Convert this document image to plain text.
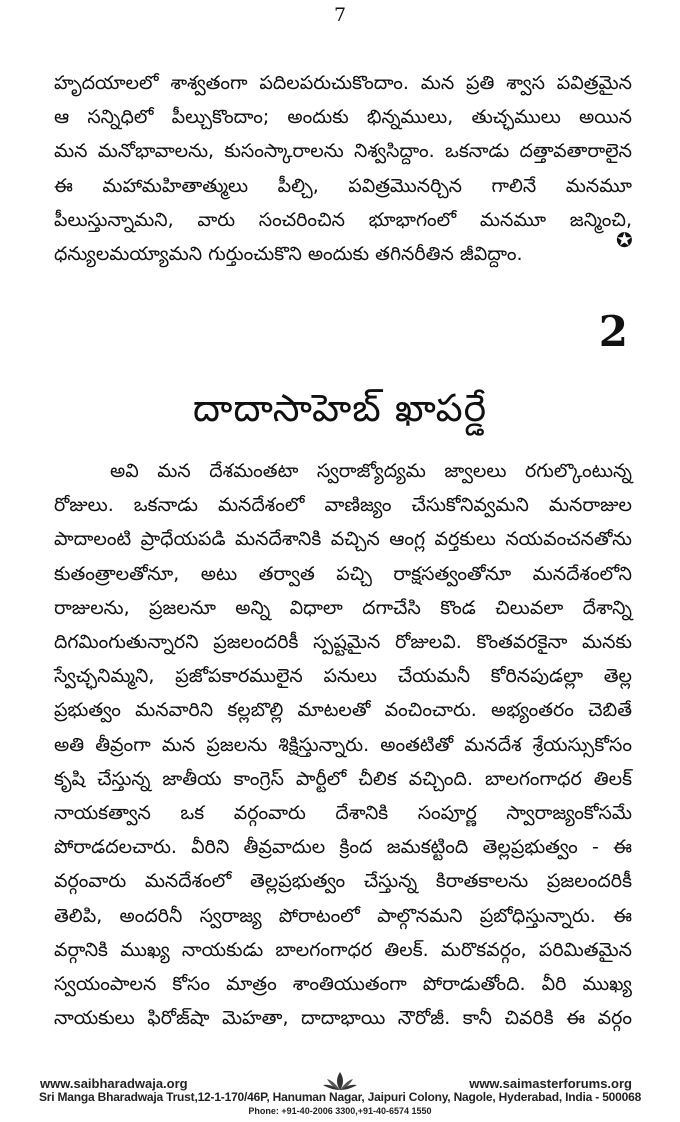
7
హృదయాలలో శాశ్వతంగా పదిలపరుచుకొందాం. మన ప్రతి శ్వాస పవిత్రమైన
ఆ సన్నిధిలో పీల్చుకొందాం; అందుకు భిన్నములు, తుచ్ఛములు అయిన
మన మనోభావాలను, కుసంస్కారాలను నిశ్వసిద్దాం. ఒకనాడు దత్తావతారాలైన
ఈ మహామహితాత్ములు పీల్చి, పవిత్రమొనర్చిన గాలినే మనమూ
పీలుస్తున్నామని, వారు సంచరించిన భూభాగంలో మనమూ జన్మించి,
ధన్యులమయ్యామని గుర్తుంచుకొని అందుకు తగినరీతిన జీవిద్దాం.
✪
2
దాదాసాహెబ్ ఖాపర్డే
అవి మన దేశమంతటా స్వరాజ్యోద్యమ జ్వాలలు రగుల్కొంటున్న
రోజులు. ఒకనాడు మనదేశంలో వాణిజ్యం చేసుకోనివ్వమని మనరాజుల
పాదాలంటి ప్రాధేయపడి మనదేశానికి వచ్చిన ఆంగ్ల వర్తకులు నయవంచనతోను
కుతంత్రాలతోనూ, అటు తర్వాత పచ్చి రాక్షసత్వంతోనూ మనదేశంలోని
రాజులను, ప్రజలనూ అన్ని విధాలా దగాచేసి కొండ చిలువలా దేశాన్ని
దిగమింగుతున్నారని ప్రజలందరికీ స్పష్టమైన రోజులవి. కొంతవరకైనా మనకు
స్వేచ్ఛనిమ్మని, ప్రజోపకారములైన పనులు చేయమనీ కోరినపుడల్లా తెల్ల
ప్రభుత్వం మనవారిని కల్లబొల్లి మాటలతో వంచించారు. అభ్యంతరం చెబితే
అతి తీవ్రంగా మన ప్రజలను శిక్షిస్తున్నారు. అంతటితో మనదేశ శ్రేయస్సుకోసం
కృషి చేస్తున్న జాతీయ కాంగ్రెస్ పార్టీలో చీలిక వచ్చింది. బాలగంగాధర తిలక్
నాయకత్వాన ఒక వర్గంవారు దేశానికి సంపూర్ణ స్వారాజ్యంకోసమే
పోరాడదలచారు. వీరిని తీవ్రవాదుల క్రింద జమకట్టింది తెల్లప్రభుత్వం - ఈ
వర్గంవారు మనదేశంలో తెల్లప్రభుత్వం చేస్తున్న కిరాతకాలను ప్రజలందరికీ
తెలిపి, అందరినీ స్వరాజ్య పోరాటంలో పాల్గొనమని ప్రబోధిస్తున్నారు. ఈ
వర్గానికి ముఖ్య నాయకుడు బాలగంగాధర తిలక్. మరొకవర్గం, పరిమితమైన
స్వయంపాలన కోసం మాత్రం శాంతియుతంగా పోరాడుతోంది. వీరి ముఖ్య
నాయకులు ఫిరోజ్‌షా మెహతా, దాదాభాయి నౌరోజీ. కానీ చివరికి ఈ వర్గం
www.saibharadwaja.org	www.saimasterforums.org
Sri Manga Bharadwaja Trust,12-1-170/46P, Hanuman Nagar, Jaipuri Colony, Nagole, Hyderabad, India - 500068
Phone: +91-40-2006 3300,+91-40-6574 1550
